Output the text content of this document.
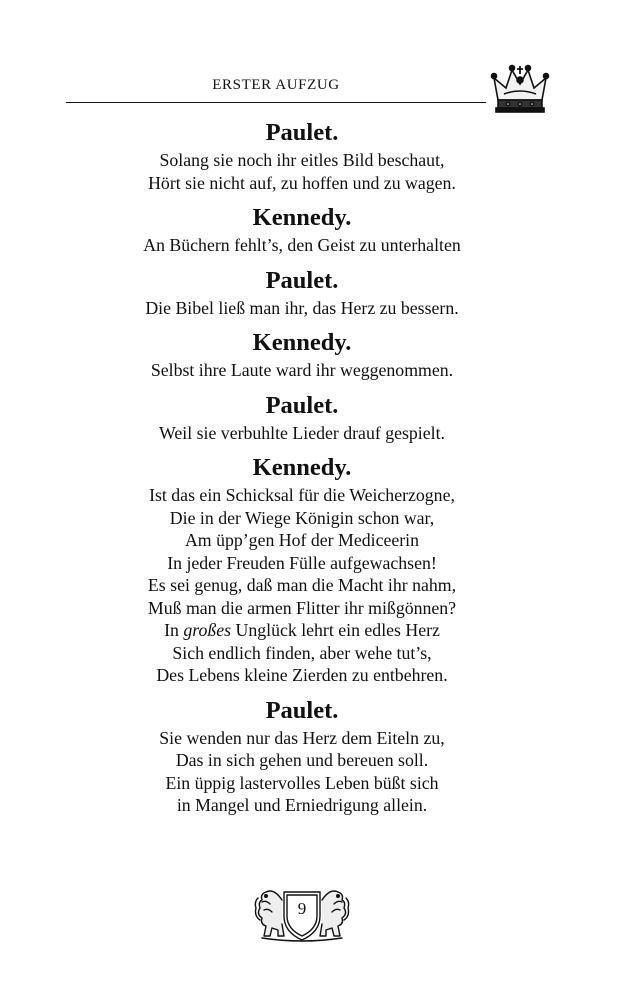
ERSTER AUFZUG
Paulet.
Solang sie noch ihr eitles Bild beschaut,
Hört sie nicht auf, zu hoffen und zu wagen.
Kennedy.
An Büchern fehlt’s, den Geist zu unterhalten
Paulet.
Die Bibel ließ man ihr, das Herz zu bessern.
Kennedy.
Selbst ihre Laute ward ihr weggenommen.
Paulet.
Weil sie verbuhlte Lieder drauf gespielt.
Kennedy.
Ist das ein Schicksal für die Weicherzogne,
Die in der Wiege Königin schon war,
Am üpp’gen Hof der Mediceerin
In jeder Freuden Fülle aufgewachsen!
Es sei genug, daß man die Macht ihr nahm,
Muß man die armen Flitter ihr mißgönnen?
In großes Unglück lehrt ein edles Herz
Sich endlich finden, aber wehe tut’s,
Des Lebens kleine Zierden zu entbehren.
Paulet.
Sie wenden nur das Herz dem Eiteln zu,
Das in sich gehen und bereuen soll.
Ein üppig lastervolles Leben büßt sich
in Mangel und Erniedrigung allein.
9
